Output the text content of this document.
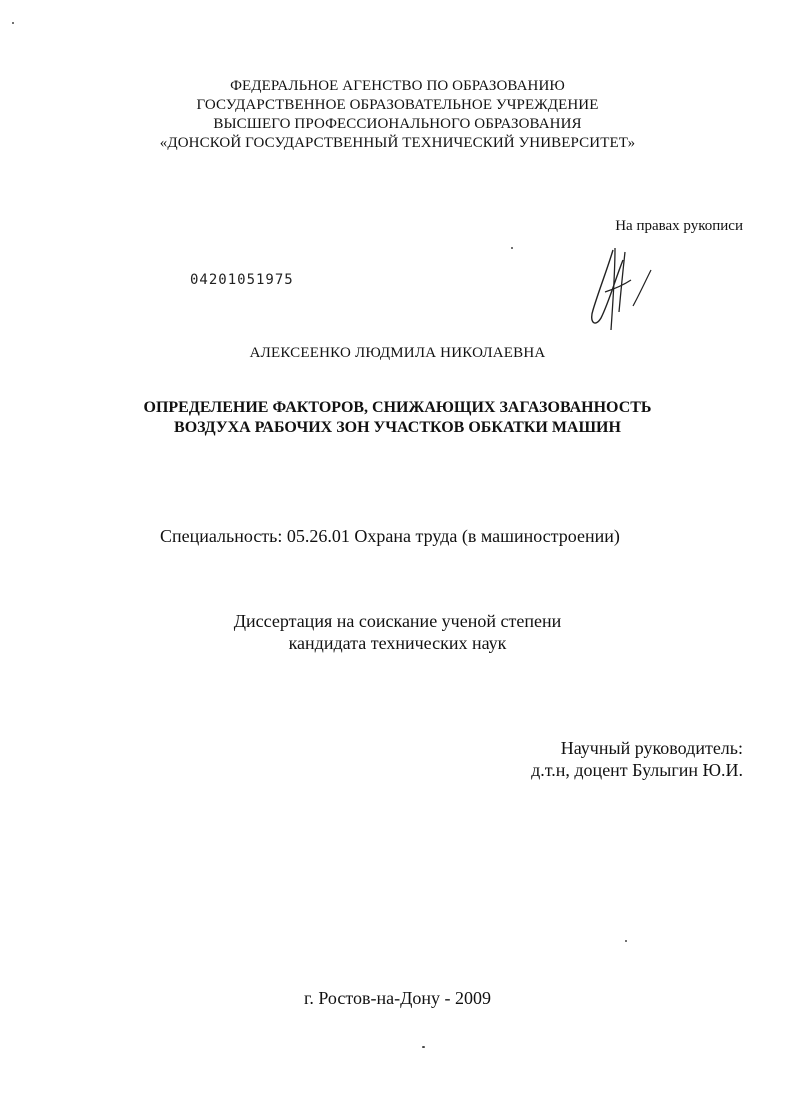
ФЕДЕРАЛЬНОЕ АГЕНСТВО ПО ОБРАЗОВАНИЮ
ГОСУДАРСТВЕННОЕ ОБРАЗОВАТЕЛЬНОЕ УЧРЕЖДЕНИЕ
ВЫСШЕГО ПРОФЕССИОНАЛЬНОГО ОБРАЗОВАНИЯ
«ДОНСКОЙ ГОСУДАРСТВЕННЫЙ ТЕХНИЧЕСКИЙ УНИВЕРСИТЕТ»
На правах рукописи
04201051975
АЛЕКСЕЕНКО ЛЮДМИЛА НИКОЛАЕВНА
ОПРЕДЕЛЕНИЕ ФАКТОРОВ, СНИЖАЮЩИХ ЗАГАЗОВАННОСТЬ
ВОЗДУХА РАБОЧИХ ЗОН УЧАСТКОВ ОБКАТКИ МАШИН
Специальность: 05.26.01 Охрана труда (в машиностроении)
Диссертация на соискание ученой степени
кандидата технических наук
Научный руководитель:
д.т.н, доцент Булыгин Ю.И.
г. Ростов-на-Дону - 2009
